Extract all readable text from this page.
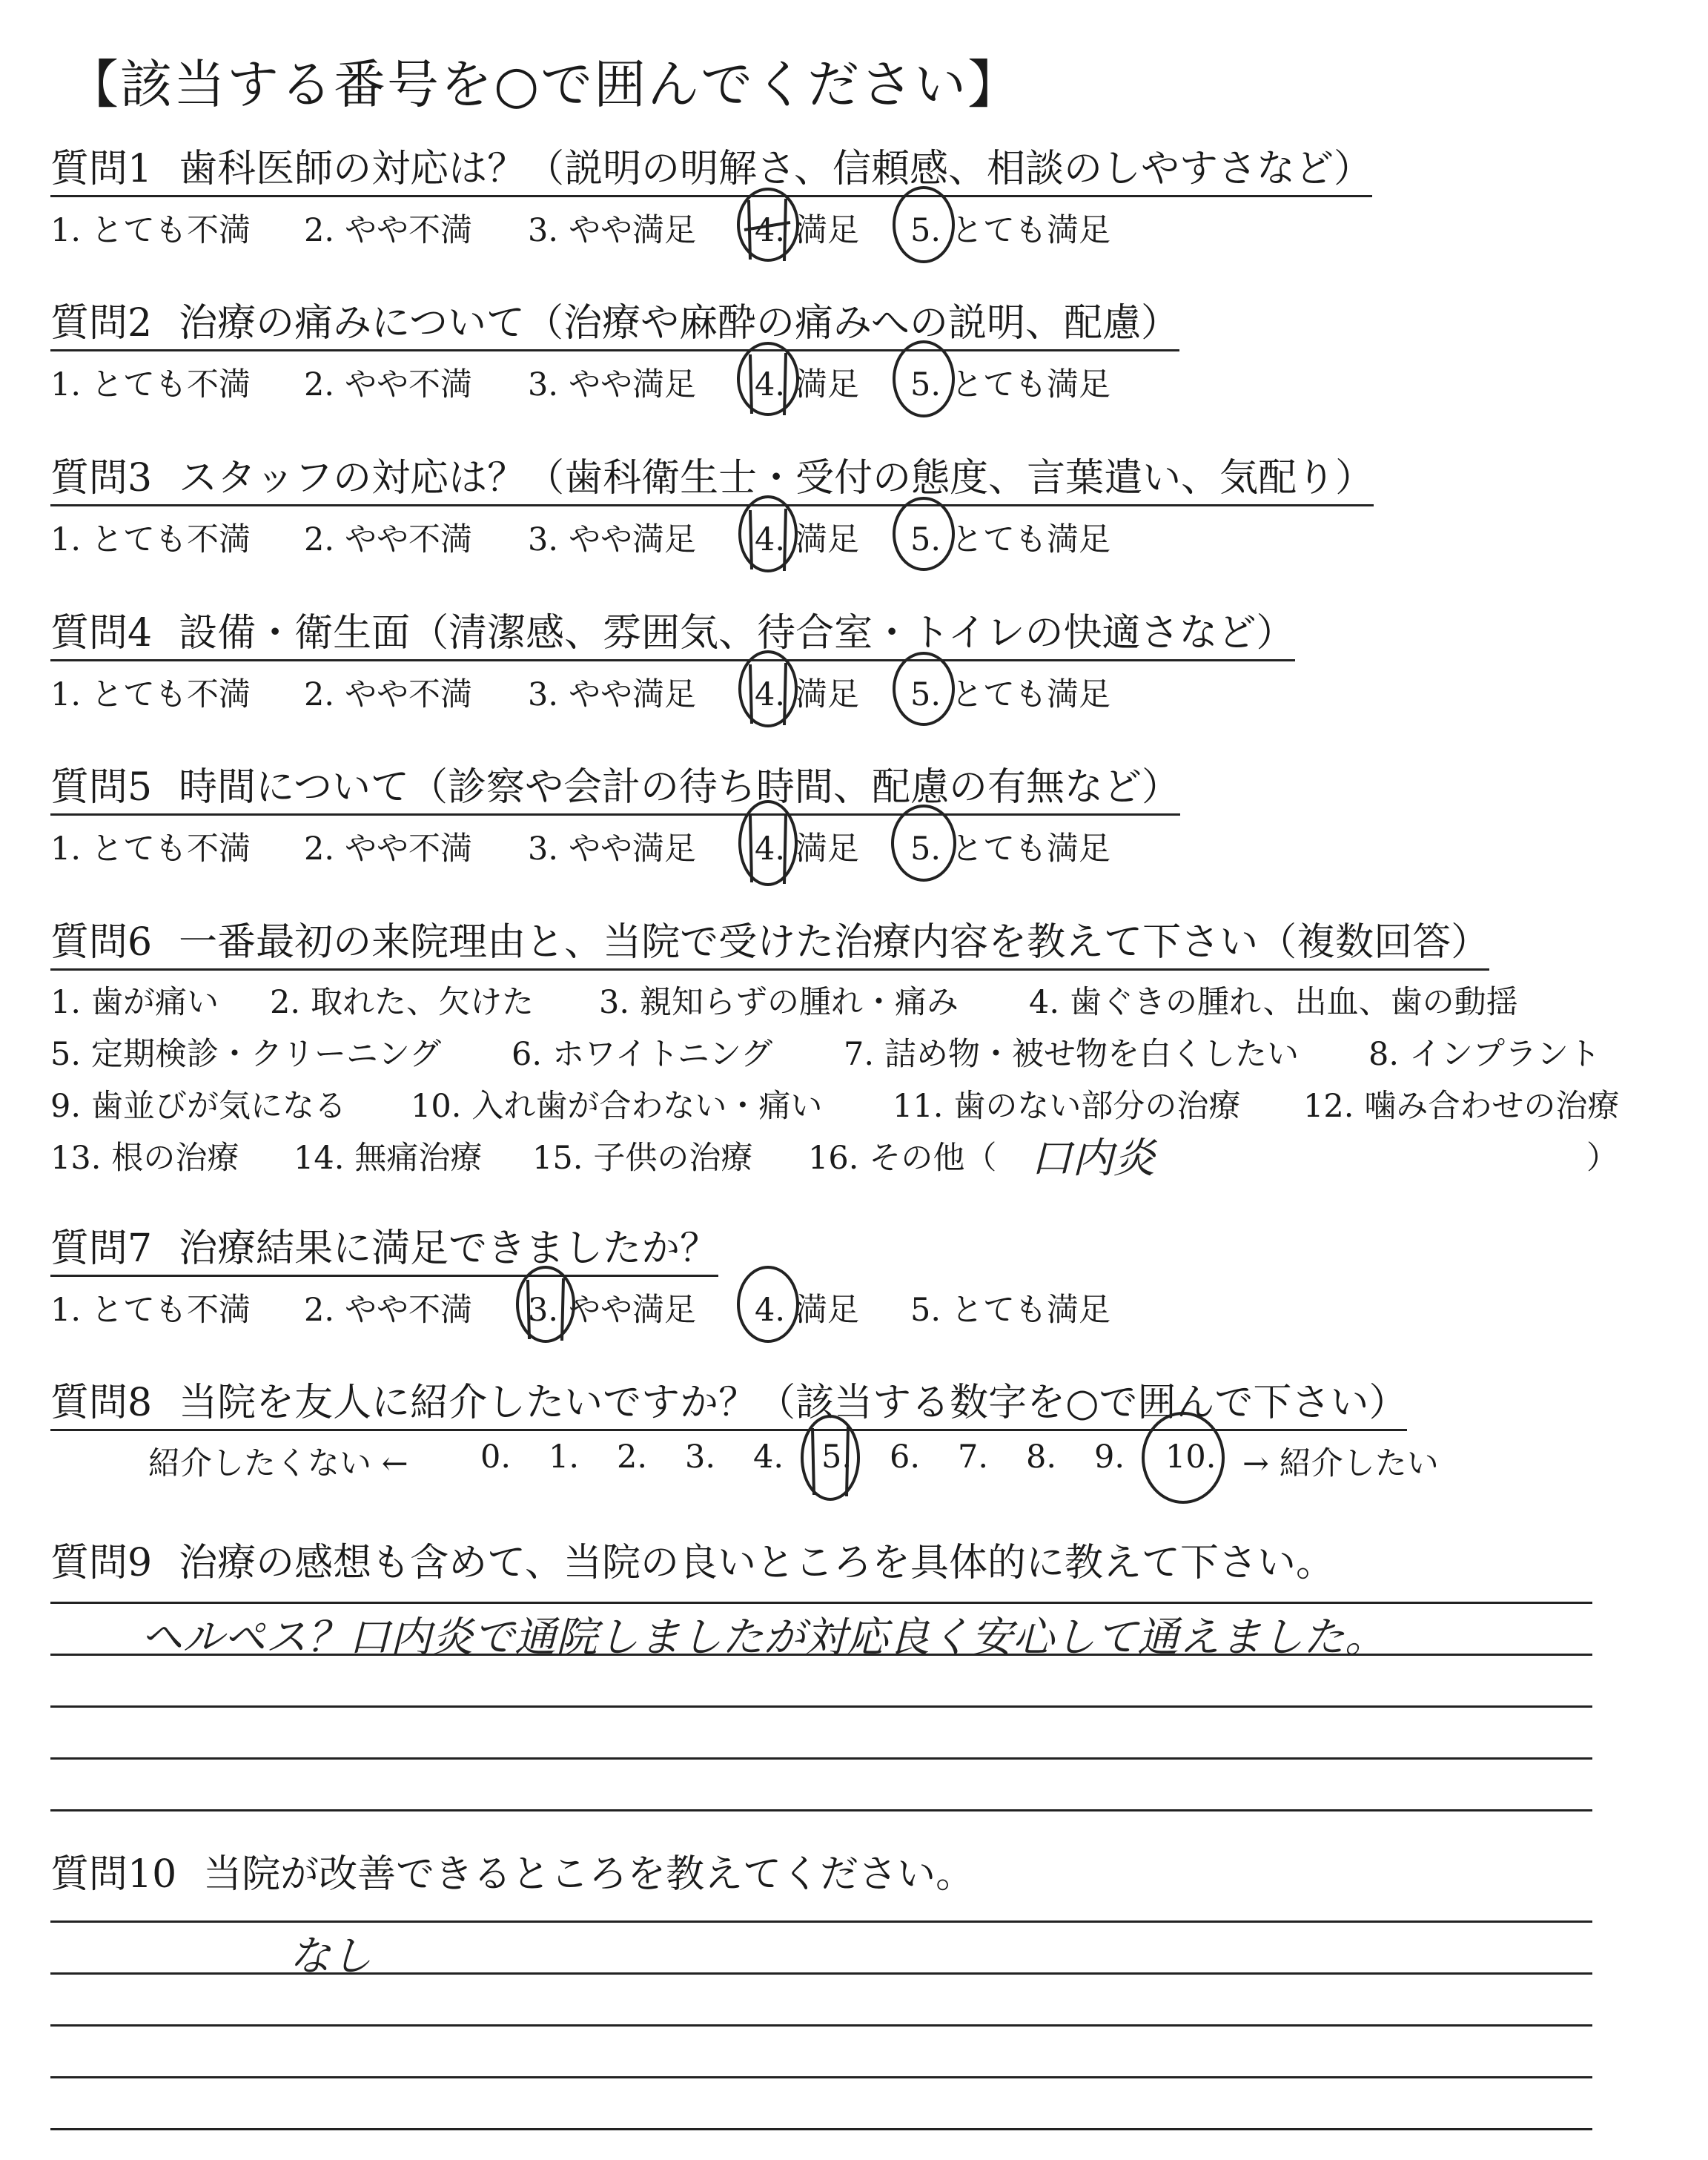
【該当する番号を○で囲んでください】
質問1 歯科医師の対応は？（説明の明解さ、信頼感、相談のしやすさなど）
1. とても不満 2. やや不満 3. やや満足 4. 満足 5. とても満足
質問2 治療の痛みについて（治療や麻酔の痛みへの説明、配慮）
1. とても不満 2. やや不満 3. やや満足 4. 満足 5. とても満足
質問3 スタッフの対応は？（歯科衛生士・受付の態度、言葉遣い、気配り）
1. とても不満 2. やや不満 3. やや満足 4. 満足 5. とても満足
質問4 設備・衛生面（清潔感、雰囲気、待合室・トイレの快適さなど）
1. とても不満 2. やや不満 3. やや満足 4. 満足 5. とても満足
質問5 時間について（診察や会計の待ち時間、配慮の有無など）
1. とても不満 2. やや不満 3. やや満足 4. 満足 5. とても満足
質問6 一番最初の来院理由と、当院で受けた治療内容を教えて下さい（複数回答）
1. 歯が痛い 2. 取れた、欠けた 3. 親知らずの腫れ・痛み 4. 歯ぐきの腫れ、出血、歯の動揺
5. 定期検診・クリーニング 6. ホワイトニング 7. 詰め物・被せ物を白くしたい 8. インプラント
9. 歯並びが気になる 10. 入れ歯が合わない・痛い 11. 歯のない部分の治療 12. 噛み合わせの治療
13. 根の治療 14. 無痛治療 15. 子供の治療 16. その他（ 口内炎	）
質問7 治療結果に満足できましたか？
1. とても不満 2. やや不満 3. やや満足 4. 満足 5. とても満足
質問8 当院を友人に紹介したいですか？（該当する数字を○で囲んで下さい）
紹介したくない ← 0. 1. 2. 3. 4. 5. 6. 7. 8. 9. 10. → 紹介したい
質問9 治療の感想も含めて、当院の良いところを具体的に教えて下さい。
ヘルペス？口内炎で通院しましたが対応良く安心して通えました。
質問10 当院が改善できるところを教えてください。
なし
